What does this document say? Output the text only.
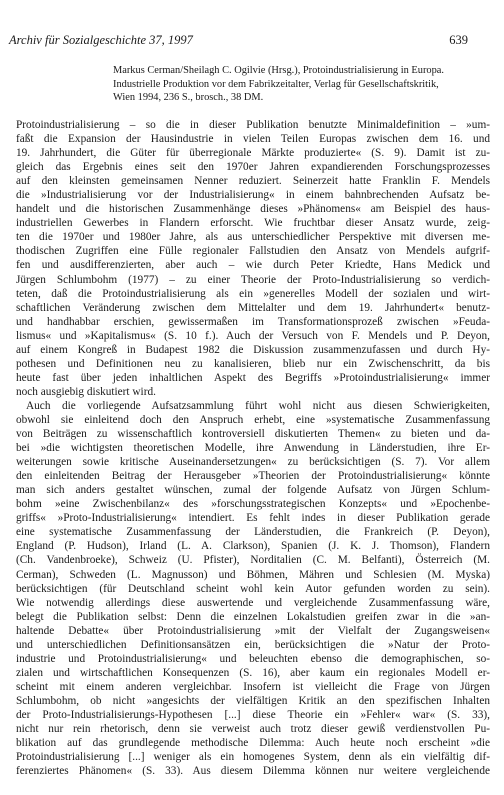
Archiv für Sozialgeschichte 37, 1997	639
Markus Cerman/Sheilagh C. Ogilvie (Hrsg.), Protoindustrialisierung in Europa.
Industrielle Produktion vor dem Fabrikzeitalter, Verlag für Gesellschaftskritik,
Wien 1994, 236 S., brosch., 38 DM.
Protoindustrialisierung – so die in dieser Publikation benutzte Minimaldefinition – »um-
faßt die Expansion der Hausindustrie in vielen Teilen Europas zwischen dem 16. und
19. Jahrhundert, die Güter für überregionale Märkte produzierte« (S. 9). Damit ist zu-
gleich das Ergebnis eines seit den 1970er Jahren expandierenden Forschungsprozesses
auf den kleinsten gemeinsamen Nenner reduziert. Seinerzeit hatte Franklin F. Mendels
die »Industrialisierung vor der Industrialisierung« in einem bahnbrechenden Aufsatz be-
handelt und die historischen Zusammenhänge dieses »Phänomens« am Beispiel des haus-
industriellen Gewerbes in Flandern erforscht. Wie fruchtbar dieser Ansatz wurde, zeig-
ten die 1970er und 1980er Jahre, als aus unterschiedlicher Perspektive mit diversen me-
thodischen Zugriffen eine Fülle regionaler Fallstudien den Ansatz von Mendels aufgrif-
fen und ausdifferenzierten, aber auch – wie durch Peter Kriedte, Hans Medick und
Jürgen Schlumbohm (1977) – zu einer Theorie der Proto-Industrialisierung so verdich-
teten, daß die Protoindustrialisierung als ein »generelles Modell der sozialen und wirt-
schaftlichen Veränderung zwischen dem Mittelalter und dem 19. Jahrhundert« benutz-
und handhabbar erschien, gewissermaßen im Transformationsprozeß zwischen »Feuda-
lismus« und »Kapitalismus« (S. 10 f.). Auch der Versuch von F. Mendels und P. Deyon,
auf einem Kongreß in Budapest 1982 die Diskussion zusammenzufassen und durch Hy-
pothesen und Definitionen neu zu kanalisieren, blieb nur ein Zwischenschritt, da bis
heute fast über jeden inhaltlichen Aspekt des Begriffs »Protoindustrialisierung« immer
noch ausgiebig diskutiert wird.
Auch die vorliegende Aufsatzsammlung führt wohl nicht aus diesen Schwierigkeiten,
obwohl sie einleitend doch den Anspruch erhebt, eine »systematische Zusammenfassung
von Beiträgen zu wissenschaftlich kontroversiell diskutierten Themen« zu bieten und da-
bei »die wichtigsten theoretischen Modelle, ihre Anwendung in Länderstudien, ihre Er-
weiterungen sowie kritische Auseinandersetzungen« zu berücksichtigen (S. 7). Vor allem
den einleitenden Beitrag der Herausgeber »Theorien der Protoindustrialisierung« könnte
man sich anders gestaltet wünschen, zumal der folgende Aufsatz von Jürgen Schlum-
bohm »eine Zwischenbilanz« des »forschungsstrategischen Konzepts« und »Epochenbe-
griffs« »Proto-Industrialisierung« intendiert. Es fehlt indes in dieser Publikation gerade
eine systematische Zusammenfassung der Länderstudien, die Frankreich (P. Deyon),
England (P. Hudson), Irland (L. A. Clarkson), Spanien (J. K. J. Thomson), Flandern
(Ch. Vandenbroeke), Schweiz (U. Pfister), Norditalien (C. M. Belfanti), Österreich (M.
Cerman), Schweden (L. Magnusson) und Böhmen, Mähren und Schlesien (M. Myska)
berücksichtigen (für Deutschland scheint wohl kein Autor gefunden worden zu sein).
Wie notwendig allerdings diese auswertende und vergleichende Zusammenfassung wäre,
belegt die Publikation selbst: Denn die einzelnen Lokalstudien greifen zwar in die »an-
haltende Debatte« über Protoindustrialisierung »mit der Vielfalt der Zugangsweisen«
und unterschiedlichen Definitionsansätzen ein, berücksichtigen die »Natur der Proto-
industrie und Protoindustrialisierung« und beleuchten ebenso die demographischen, so-
zialen und wirtschaftlichen Konsequenzen (S. 16), aber kaum ein regionales Modell er-
scheint mit einem anderen vergleichbar. Insofern ist vielleicht die Frage von Jürgen
Schlumbohm, ob nicht »angesichts der vielfältigen Kritik an den spezifischen Inhalten
der Proto-Industrialisierungs-Hypothesen [...] diese Theorie ein »Fehler« war« (S. 33),
nicht nur rein rhetorisch, denn sie verweist auch trotz dieser gewiß verdienstvollen Pu-
blikation auf das grundlegende methodische Dilemma: Auch heute noch erscheint »die
Protoindustrialisierung [...] weniger als ein homogenes System, denn als ein vielfältig dif-
ferenziertes Phänomen« (S. 33). Aus diesem Dilemma können nur weitere vergleichende
